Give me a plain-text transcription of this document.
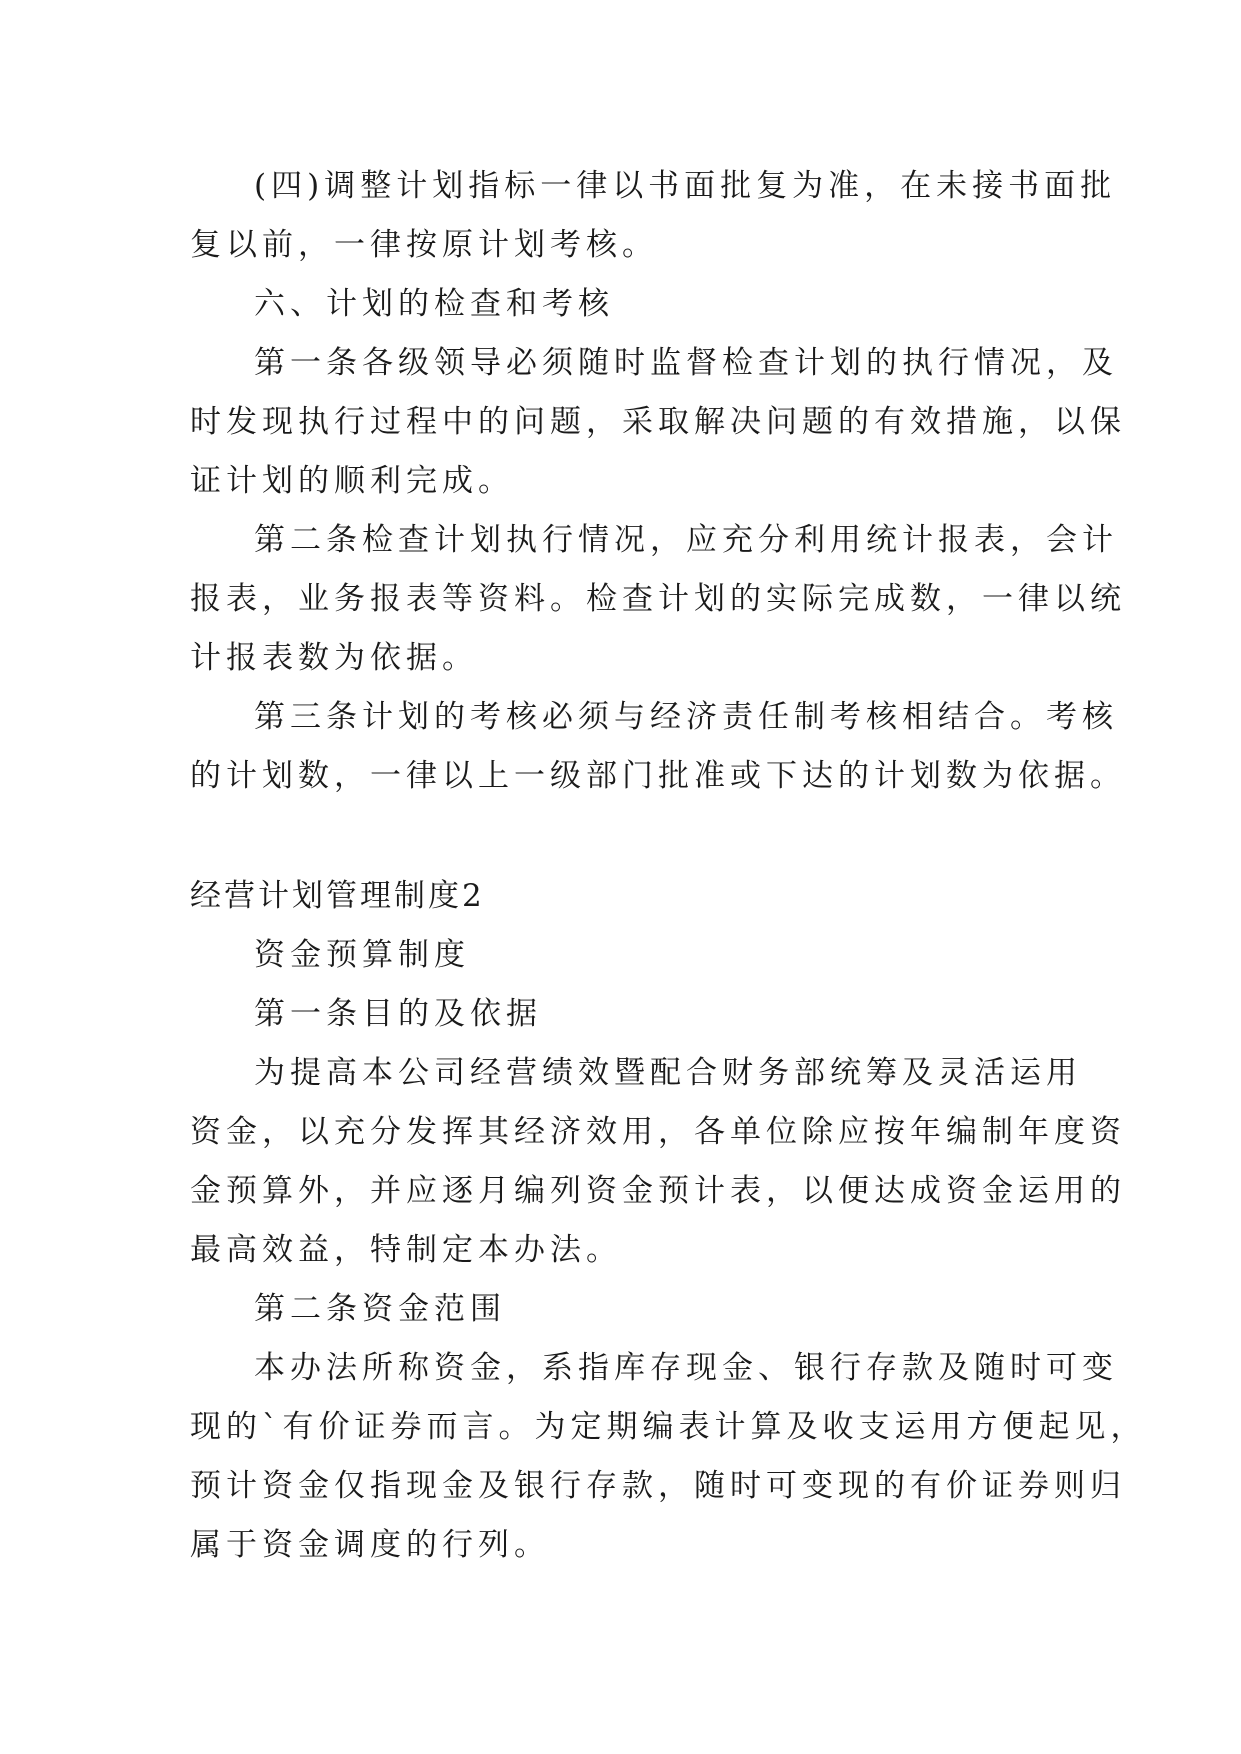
(四)调整计划指标一律以书面批复为准，在未接书面批

复以前，一律按原计划考核。

六、计划的检查和考核

第一条各级领导必须随时监督检查计划的执行情况，及

时发现执行过程中的问题，采取解决问题的有效措施，以保

证计划的顺利完成。

第二条检查计划执行情况，应充分利用统计报表，会计

报表，业务报表等资料。检查计划的实际完成数，一律以统

计报表数为依据。

第三条计划的考核必须与经济责任制考核相结合。考核

的计划数，一律以上一级部门批准或下达的计划数为依据。

经营计划管理制度2

资金预算制度

第一条目的及依据

为提高本公司经营绩效暨配合财务部统筹及灵活运用

资金，以充分发挥其经济效用，各单位除应按年编制年度资

金预算外，并应逐月编列资金预计表，以便达成资金运用的

最高效益，特制定本办法。

第二条资金范围

本办法所称资金，系指库存现金、银行存款及随时可变

现的`有价证券而言。为定期编表计算及收支运用方便起见，

预计资金仅指现金及银行存款，随时可变现的有价证券则归

属于资金调度的行列。
